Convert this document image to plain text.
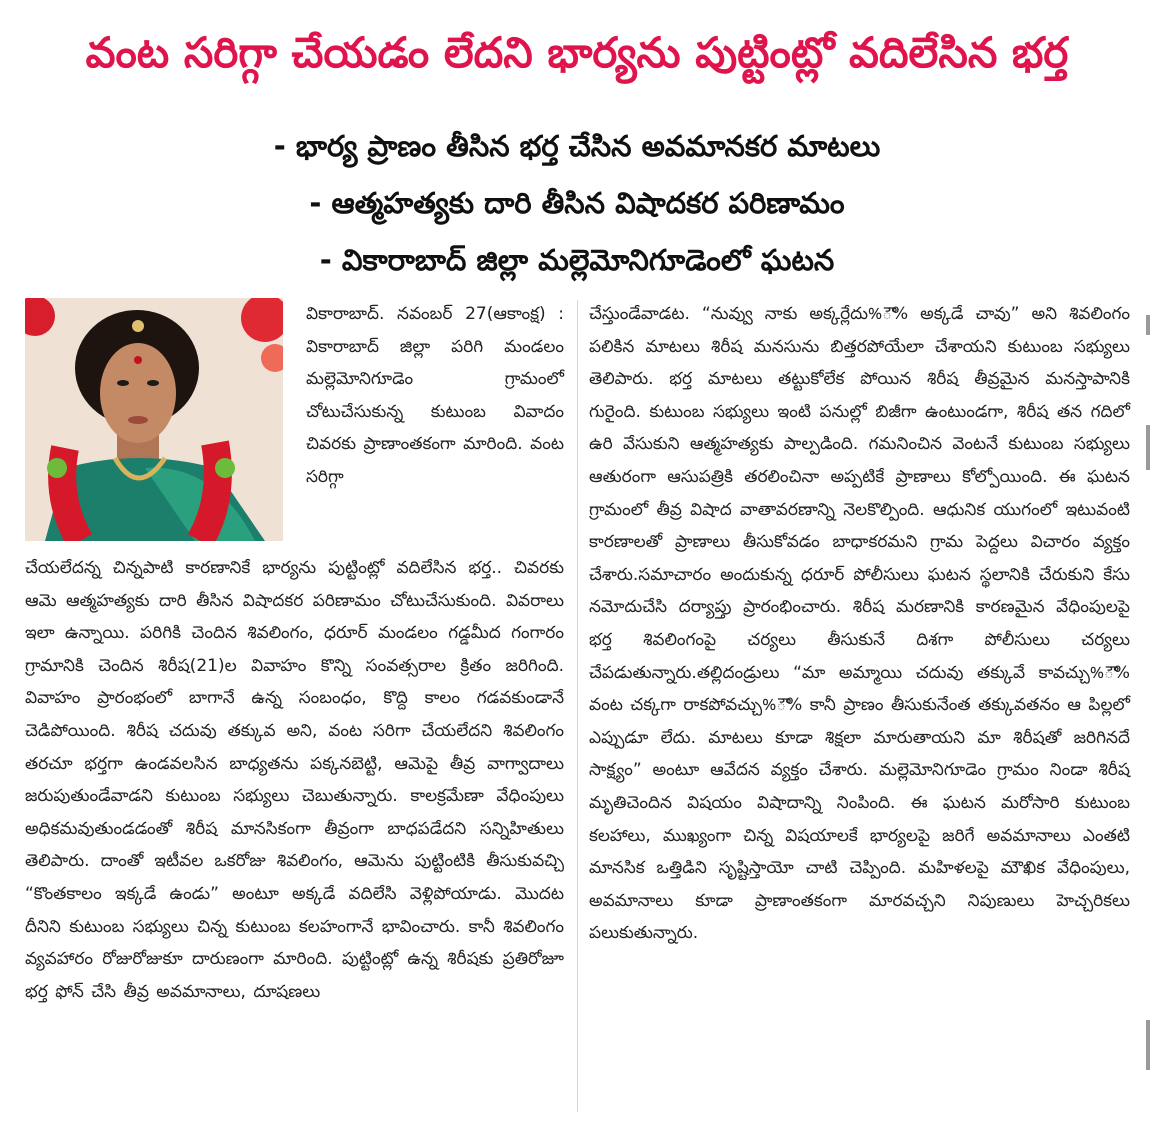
వంట సరిగ్గా చేయడం లేదని భార్యను పుట్టింట్లో వదిలేసిన భర్త
- భార్య ప్రాణం తీసిన భర్త చేసిన అవమానకర మాటలు
- ఆత్మహత్యకు దారి తీసిన విషాదకర పరిణామం
- వికారాబాద్ జిల్లా మల్లెమోనిగూడెంలో ఘటన
వికారాబాద్. నవంబర్ 27(ఆకాంక్ష) : వికారాబాద్ జిల్లా పరిగి మండలం మల్లెమోనిగూడెం గ్రామంలో చోటుచేసుకున్న కుటుంబ వివాదం చివరకు ప్రాణాంతకంగా మారింది. వంట సరిగ్గా
చేయలేదన్న చిన్నపాటి కారణానికే భార్యను పుట్టింట్లో వదిలేసిన భర్త.. చివరకు ఆమె ఆత్మహత్యకు దారి తీసిన విషాదకర పరిణామం చోటుచేసుకుంది. వివరాలు ఇలా ఉన్నాయి. పరిగికి చెందిన శివలింగం, ధరూర్ మండలం గడ్డమీద గంగారం గ్రామానికి చెందిన శిరీష(21)ల వివాహం కొన్ని సంవత్సరాల క్రితం జరిగింది. వివాహం ప్రారంభంలో బాగానే ఉన్న సంబంధం, కొద్ది కాలం గడవకుండానే చెడిపోయింది. శిరీష చదువు తక్కువ అని, వంట సరిగా చేయలేదని శివలింగం తరచూ భర్తగా ఉండవలసిన బాధ్యతను పక్కనబెట్టి, ఆమెపై తీవ్ర వాగ్వాదాలు జరుపుతుండేవాడని కుటుంబ సభ్యులు చెబుతున్నారు. కాలక్రమేణా వేధింపులు అధికమవుతుండడంతో శిరీష మానసికంగా తీవ్రంగా బాధపడేదని సన్నిహితులు తెలిపారు. దాంతో ఇటీవల ఒకరోజు శివలింగం, ఆమెను పుట్టింటికి తీసుకువచ్చి “కొంతకాలం ఇక్కడే ఉండు” అంటూ అక్కడే వదిలేసి వెళ్లిపోయాడు. మొదట దీనిని కుటుంబ సభ్యులు చిన్న కుటుంబ కలహంగానే భావించారు. కానీ శివలింగం వ్యవహారం రోజురోజుకూ దారుణంగా మారింది. పుట్టింట్లో ఉన్న శిరీషకు ప్రతిరోజూ భర్త ఫోన్ చేసి తీవ్ర అవమానాలు, దూషణలు
చేస్తుండేవాడట. “నువ్వు నాకు అక్కర్లేదు%ౌ% అక్కడే చావు” అని శివలింగం పలికిన మాటలు శిరీష మనసును బిత్తరపోయేలా చేశాయని కుటుంబ సభ్యులు తెలిపారు. భర్త మాటలు తట్టుకోలేక పోయిన శిరీష తీవ్రమైన మనస్తాపానికి గురైంది. కుటుంబ సభ్యులు ఇంటి పనుల్లో బిజీగా ఉంటుండగా, శిరీష తన గదిలో ఉరి వేసుకుని ఆత్మహత్యకు పాల్పడింది. గమనించిన వెంటనే కుటుంబ సభ్యులు ఆతురంగా ఆసుపత్రికి తరలించినా అప్పటికే ప్రాణాలు కోల్పోయింది. ఈ ఘటన గ్రామంలో తీవ్ర విషాద వాతావరణాన్ని నెలకొల్పింది. ఆధునిక యుగంలో ఇటువంటి కారణాలతో ప్రాణాలు తీసుకోవడం బాధాకరమని గ్రామ పెద్దలు విచారం వ్యక్తం చేశారు.సమాచారం అందుకున్న ధరూర్ పోలీసులు ఘటన స్థలానికి చేరుకుని కేసు నమోదుచేసి దర్యాప్తు ప్రారంభించారు. శిరీష మరణానికి కారణమైన వేధింపులపై భర్త శివలింగంపై చర్యలు తీసుకునే దిశగా పోలీసులు చర్యలు చేపడుతున్నారు.తల్లిదండ్రులు “మా అమ్మాయి చదువు తక్కువే కావచ్చు%ౌ% వంట చక్కగా రాకపోవచ్చు%ౌ% కానీ ప్రాణం తీసుకునేంత తక్కువతనం ఆ పిల్లలో ఎప్పుడూ లేదు. మాటలు కూడా శిక్షలా మారుతాయని మా శిరీషతో జరిగినదే సాక్ష్యం” అంటూ ఆవేదన వ్యక్తం చేశారు. మల్లెమోనిగూడెం గ్రామం నిండా శిరీష మృతిచెందిన విషయం విషాదాన్ని నింపింది. ఈ ఘటన మరోసారి కుటుంబ కలహాలు, ముఖ్యంగా చిన్న విషయాలకే భార్యలపై జరిగే అవమానాలు ఎంతటి మానసిక ఒత్తిడిని సృష్టిస్తాయో చాటి చెప్పింది. మహిళలపై మౌఖిక వేధింపులు, అవమానాలు కూడా ప్రాణాంతకంగా మారవచ్చని నిపుణులు హెచ్చరికలు పలుకుతున్నారు.
